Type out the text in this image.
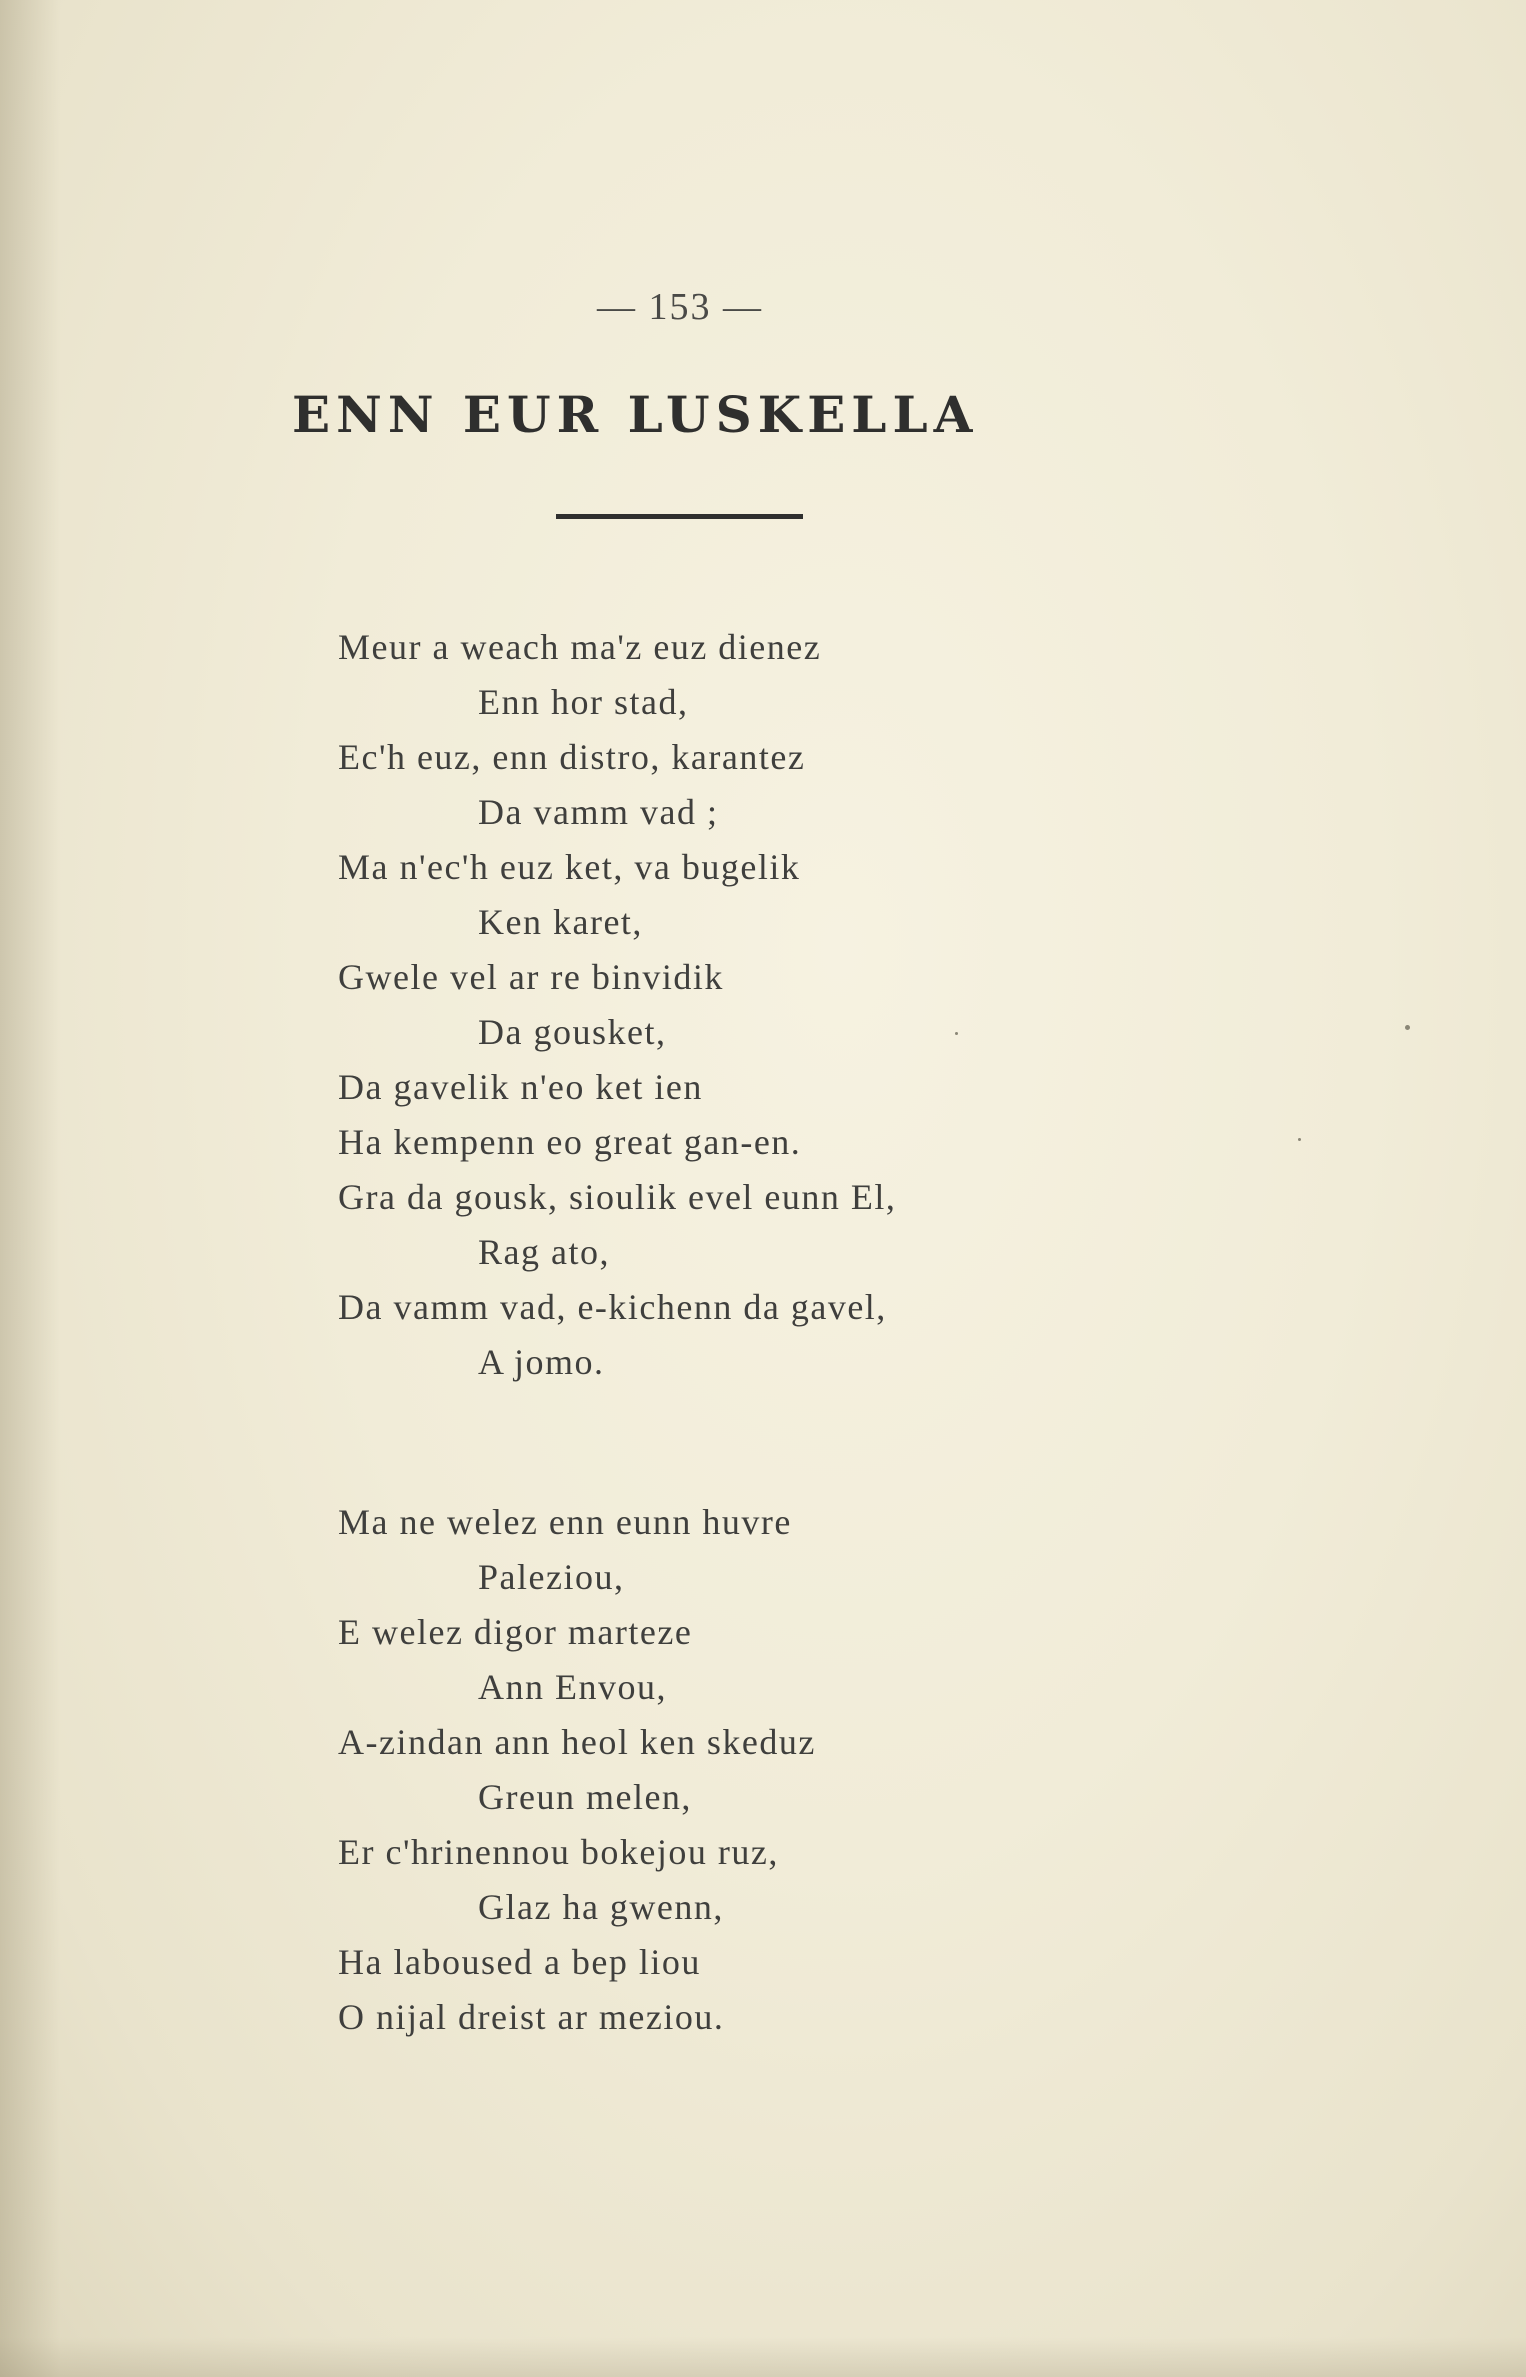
— 153 —
ENN EUR LUSKELLA
Meur a weach ma'z euz dienez
Enn hor stad,
Ec'h euz, enn distro, karantez
Da vamm vad ;
Ma n'ec'h euz ket, va bugelik
Ken karet,
Gwele vel ar re binvidik
Da gousket,
Da gavelik n'eo ket ien
Ha kempenn eo great gan-en.
Gra da gousk, sioulik evel eunn El,
Rag ato,
Da vamm vad, e-kichenn da gavel,
A jomo.
Ma ne welez enn eunn huvre
Paleziou,
E welez digor marteze
Ann Envou,
A-zindan ann heol ken skeduz
Greun melen,
Er c'hrinennou bokejou ruz,
Glaz ha gwenn,
Ha laboused a bep liou
O nijal dreist ar meziou.
